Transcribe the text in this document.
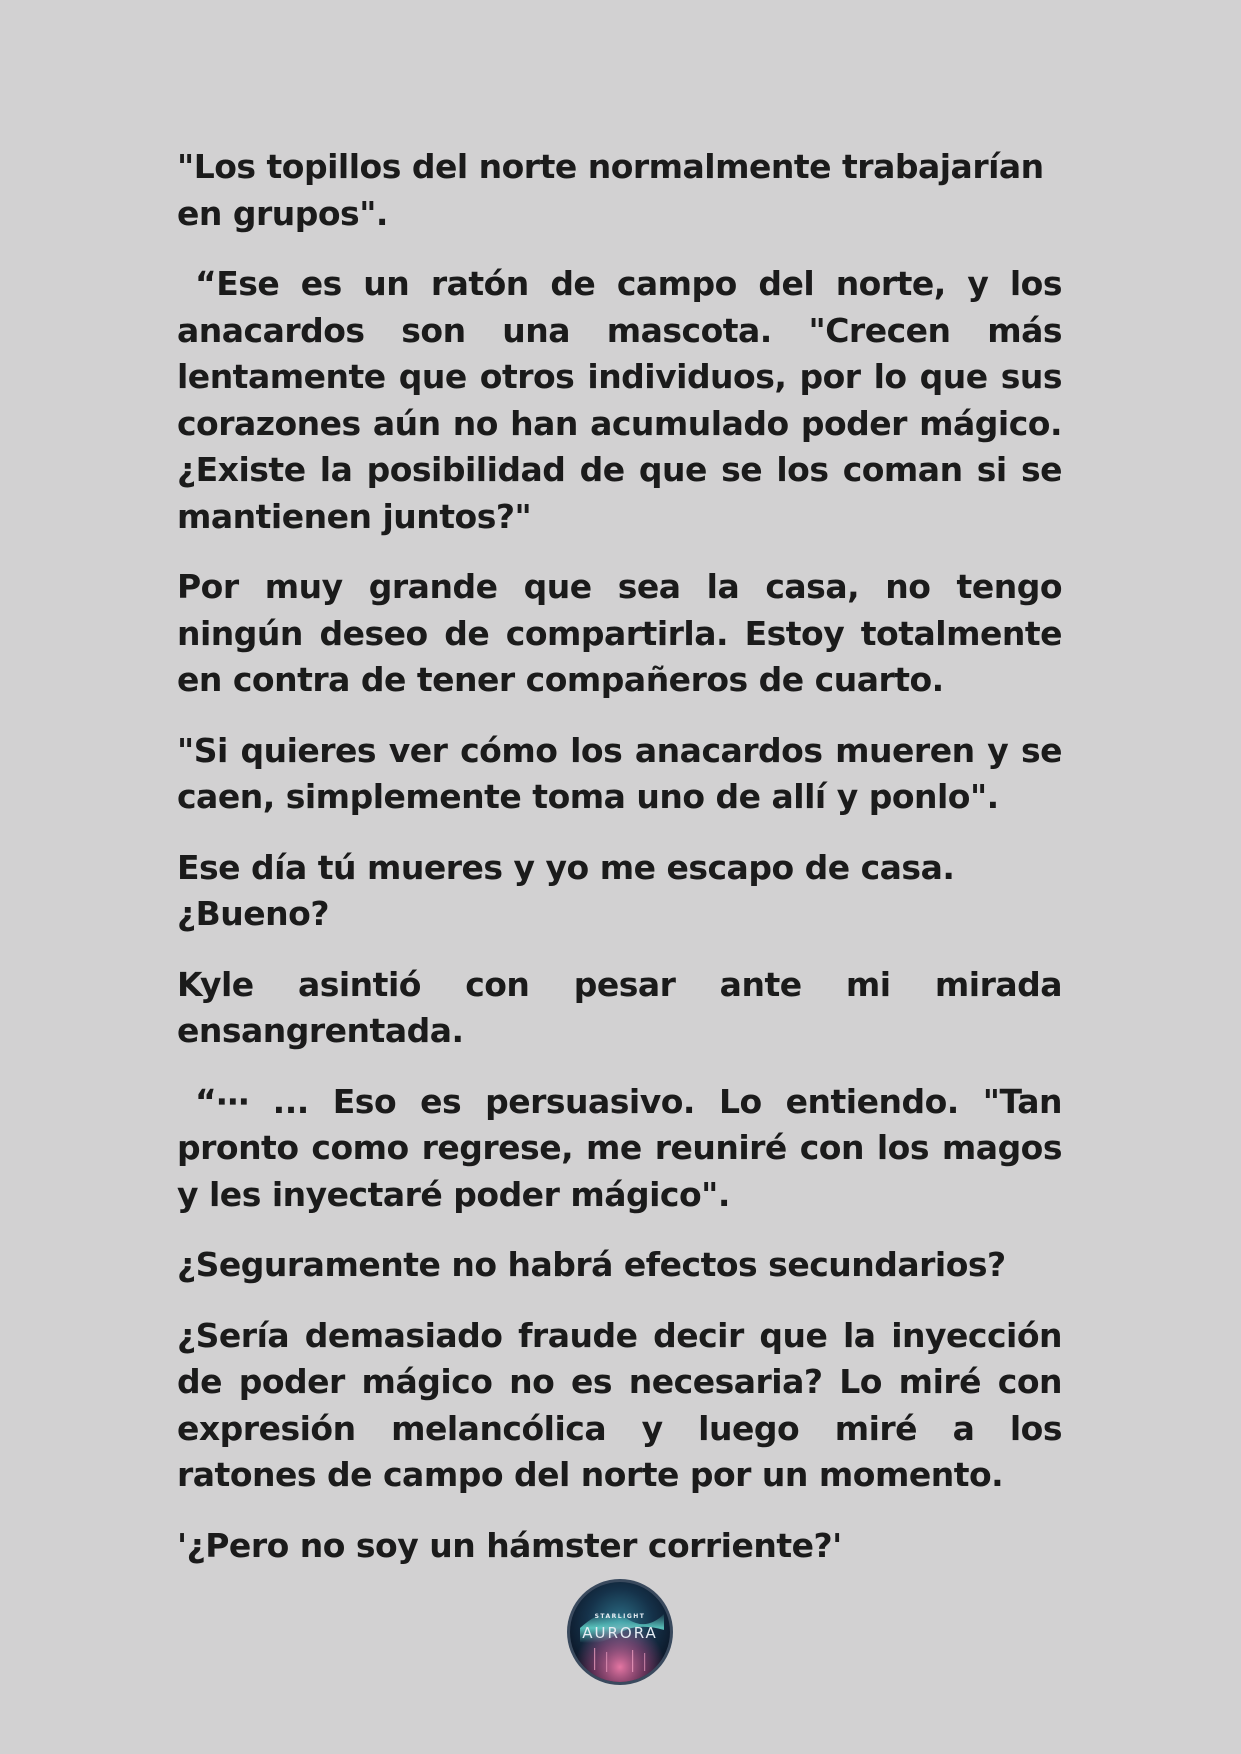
"Los topillos del norte normalmente trabajarían en grupos".

“Ese es un ratón de campo del norte, y los anacardos son una mascota. "Crecen más lentamente que otros individuos, por lo que sus corazones aún no han acumulado poder mágico. ¿Existe la posibilidad de que se los coman si se mantienen juntos?"

Por muy grande que sea la casa, no tengo ningún deseo de compartirla. Estoy totalmente en contra de tener compañeros de cuarto.

"Si quieres ver cómo los anacardos mueren y se caen, simplemente toma uno de allí y ponlo".

Ese día tú mueres y yo me escapo de casa. ¿Bueno?

Kyle asintió con pesar ante mi mirada ensangrentada.

“⋯ ... Eso es persuasivo. Lo entiendo. "Tan pronto como regrese, me reuniré con los magos y les inyectaré poder mágico".

¿Seguramente no habrá efectos secundarios?

¿Sería demasiado fraude decir que la inyección de poder mágico no es necesaria? Lo miré con expresión melancólica y luego miré a los ratones de campo del norte por un momento.

'¿Pero no soy un hámster corriente?'

STARLIGHT
AURORA
